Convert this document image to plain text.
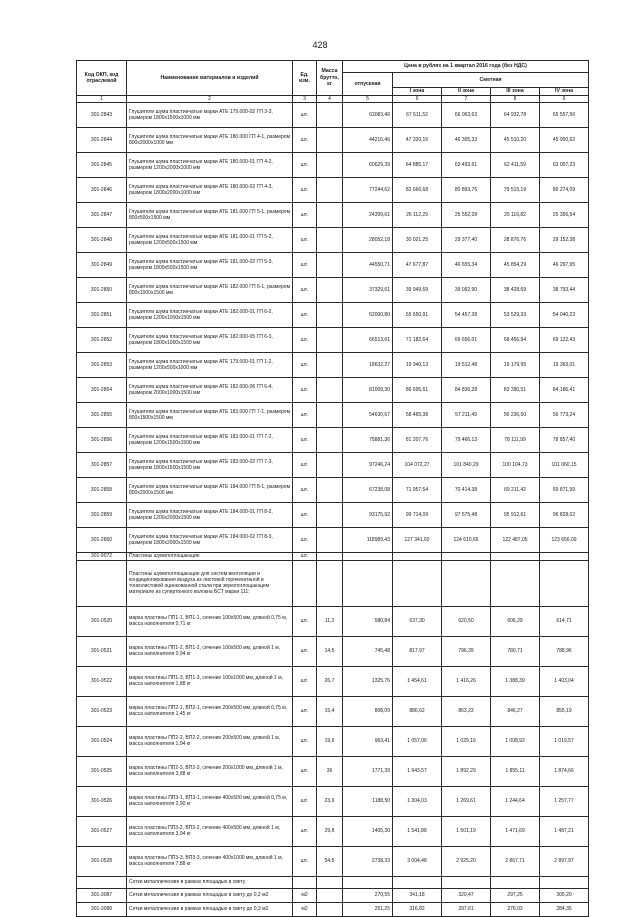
428
Код ОКП, код отраслевой	Наименование материалов и изделий	Ед. изм.	Масса брутто, кг	Цена в рублях на 1 квартал 2016 года (без НДС)				
				отпускная	Сметная			
					I зона	II зона	III зона	IV зона
1	2	3	4	5	6	7	8	9
301-2843	Глушители шума пластинчатые марки АТЕ 179.000-02 ГП 3-3, размером 1800х1500х1000 мм	шт.		63083,46	67 511,52	66 063,63	64 932,78	65 557,56
301-2844	Глушители шума пластинчатые марки АТЕ 180.000 ГП 4-1, размером 800х2000х1000 мм	шт.		44216,46	47 320,16	46 305,33	45 510,20	45 950,62
301-2845	Глушители шума пластинчатые марки АТЕ 180.000-01 ГП 4-2, размером 1200х2000х1000 мм	шт.		60629,39	64 885,17	63 493,61	62 411,59	63 007,23
301-2846	Глушители шума пластинчатые марки АТЕ 180.000-02 ГП 4-3, размером 1800х2000х1000 мм	шт.		77244,62	82 666,68	80 893,76	79 515,19	80 274,09
301-2847	Глушители шума пластинчатые марки АТЕ 181.000 ГП 5-1, размером 800х500х1500 мм	шт.		24399,61	26 112,29	25 552,28	25 116,82	25 356,54
301-2848	Глушители шума пластинчатые марки АТЕ 181.000-01 ГП 5-2, размером 1200х500х1500 мм	шт.		28052,18	30 021,25	29 377,40	28 876,76	29 152,38
301-2849	Глушители шума пластинчатые марки АТЕ 181.000-02 ГП 5-3, размером 1800х500х1500 мм	шт.		44550,71	47 677,87	46 655,34	45 854,29	46 297,95
301-2850	Глушители шума пластинчатые марки АТЕ 182.000 ГП 6-1, размером 800х1000х1500 мм	шт.		37329,61	39 949,69	39 092,90	38 428,69	38 793,44
301-2851	Глушители шума пластинчатые марки АТЕ 182.000-01 ГП 6-2, размером 1200х1000х1500 мм	шт.		52000,80	55 650,91	54 457,38	53 529,33	54 040,23
301-2852	Глушители шума пластинчатые марки АТЕ 182.000-05 ГП 6-3, размером 1800х1000х1500 мм	шт.		66513,61	71 182,64	69 656,01	68 456,94	69 122,43
301-2853	Глушители шума пластинчатые марки АТЕ 179.000-01 ГП 1-2, размером 1200х500х1000 мм	шт.		18632,27	19 940,13	19 512,48	19 179,95	19 363,01
301-2854	Глушители шума пластинчатые марки АТЕ 182.000-06 ГП 6-4, размером 2000х1000х1500 мм	шт.		81009,30	86 695,61	84 836,28	83 390,51	84 186,41
301-2855	Глушители шума пластинчатые марки АТЕ 183.000 ГП 7-1, размером 800х1500х1500 мм	шт.		54630,67	58 465,38	57 211,49	56 236,50	56 773,24
301-2856	Глушители шума пластинчатые марки АТЕ 183.000-01 ГП 7-2, размером 1200х1500х1500 мм	шт.		75881,36	81 207,76	79 466,13	78 111,99	78 857,40
301-2857	Глушители шума пластинчатые марки АТЕ 183.000-02 ГП 7-3, размером 1800х1500х1500 мм	шт.		97246,24	104 072,27	101 840,29	100 104,73	101 060,15
301-2858	Глушители шума пластинчатые марки АТЕ 184.000 ГП 8-1, размером 800х2000х1500 мм	шт.		67238,08	71 957,54	70 414,38	69 211,42	69 871,99
301-2859	Глушители шума пластинчатые марки АТЕ 184.000-01 ГП 8-2, размером 1200х2000х1500 мм	шт.		93175,92	99 714,09	97 575,48	95 912,61	96 828,02
301-2860	Глушители шума пластинчатые марки АТЕ 184.000-02 ГП 8-3, размером 1800х2000х1500 мм	шт.		118989,43	127 341,60	124 610,65	122 487,05	123 656,09
301-9072	Пластины шумопоглощающие	шт.						
	Пластины шумопоглощающие для систем вентиляции и кондиционирования воздуха из листовой горячекатаной и тонколистовой оцинкованной стали при звукопоглощающем материале из супертонкого волокна БСТ марки 111:							
301-0520	марка пластины ПП1-1, ВП1-1, сечение 100х500 мм, длиной 0,75 м, масса наполнителя 0,71 кг	шт.	11,3	580,84	637,30	620,50	606,29	614,71
301-0521	марка пластины ПП1-2, ВП1-2, сечение 100х500 мм, длиной 1 м, масса наполнителя 0,94 кг	шт.	14,5	745,48	817,97	796,39	780,71	788,96
301-0522	марка пластины ПП1-3, ВП1-3, сечение 100х1000 мм, длиной 1 м, масса наполнителя 1,88 кг	шт.	26,7	1325,76	1 454,61	1 416,26	1 388,39	1 403,04
301-0523	марка пластины ПП2-1, ВП2-1, сечение 200х500 мм, длиной 0,75 м, масса наполнителя 1,45 кг	шт.	15,4	808,09	886,62	863,23	846,27	855,19
301-0524	марка пластины ПП2-2, ВП2-2, сечение 200х500 мм, длиной 1 м, масса наполнителя 1,94 кг	шт.	19,6	963,41	1 057,06	1 029,16	1 008,92	1 019,57
301-0525	марка пластины ПП2-3, ВП2-3, сечение 200х1000 мм, длиной 1 м, масса наполнителя 3,88 кг	шт.	36	1771,39	1 943,57	1 892,29	1 855,11	1 874,66
301-0526	марка пластины ПП3-1, ВП3-1, сечение 400х500 мм, длиной 0,75 м, масса наполнителя 2,90 кг	шт.	23,9	1188,50	1 304,03	1 269,61	1 244,64	1 257,77
301-0527	масса пластины ПП3-2, ВП3-2, сечение 400х500 мм, длиной 1 м, масса наполнителя 3,94 кг	шт.	29,8	1405,30	1 541,88	1 501,19	1 471,69	1 487,21
301-0528	марка пластины ПП3-3, ВП3-3, сечение 400х1000 мм, длиной 1 м, масса наполнителя 7,88 кг	шт.	54,5	2738,33	3 004,48	2 925,20	2 867,71	2 897,97
	Сетки металлические в рамках площадью в свету							
301-3087	Сетки металлические в рамках площадью в свету до 0,2 м2	м2		270,55	341,18	320,47	297,25	305,20
301-3088	Сетки металлические в рамках площадью в свету до 0,3 м2	м2		251,25	316,82	297,61	276,03	284,35
